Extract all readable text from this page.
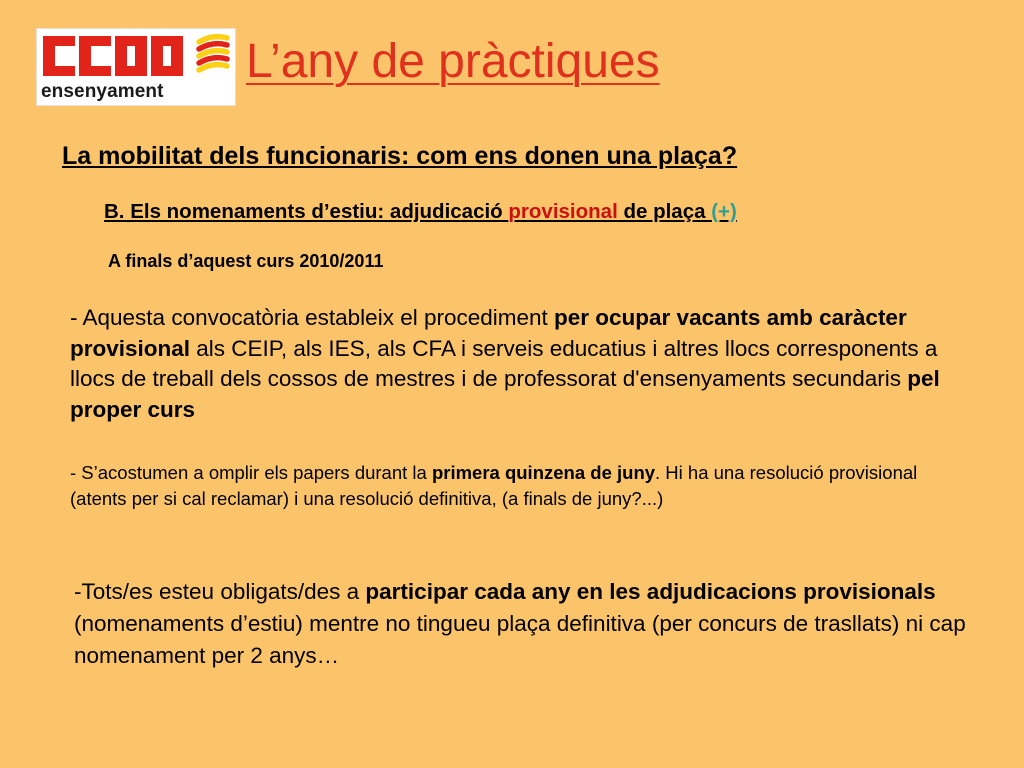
ensenyament
L’any de pràctiques
La mobilitat dels funcionaris: com ens donen una plaça?
B. Els nomenaments d’estiu: adjudicació provisional de plaça (+)
A finals d’aquest curs 2010/2011

- Aquesta convocatòria estableix el procediment per ocupar vacants amb caràcter provisional als CEIP, als IES, als CFA i serveis educatius i altres llocs corresponents a llocs de treball dels cossos de mestres i de professorat d'ensenyaments secundaris pel proper curs

- S’acostumen a omplir els papers durant la primera quinzena de juny. Hi ha una resolució provisional (atents per si cal reclamar) i una resolució definitiva, (a finals de juny?...)

-Tots/es esteu obligats/des a participar cada any en les adjudicacions provisionals (nomenaments d’estiu) mentre no tingueu plaça definitiva (per concurs de trasllats) ni cap nomenament per 2 anys…
